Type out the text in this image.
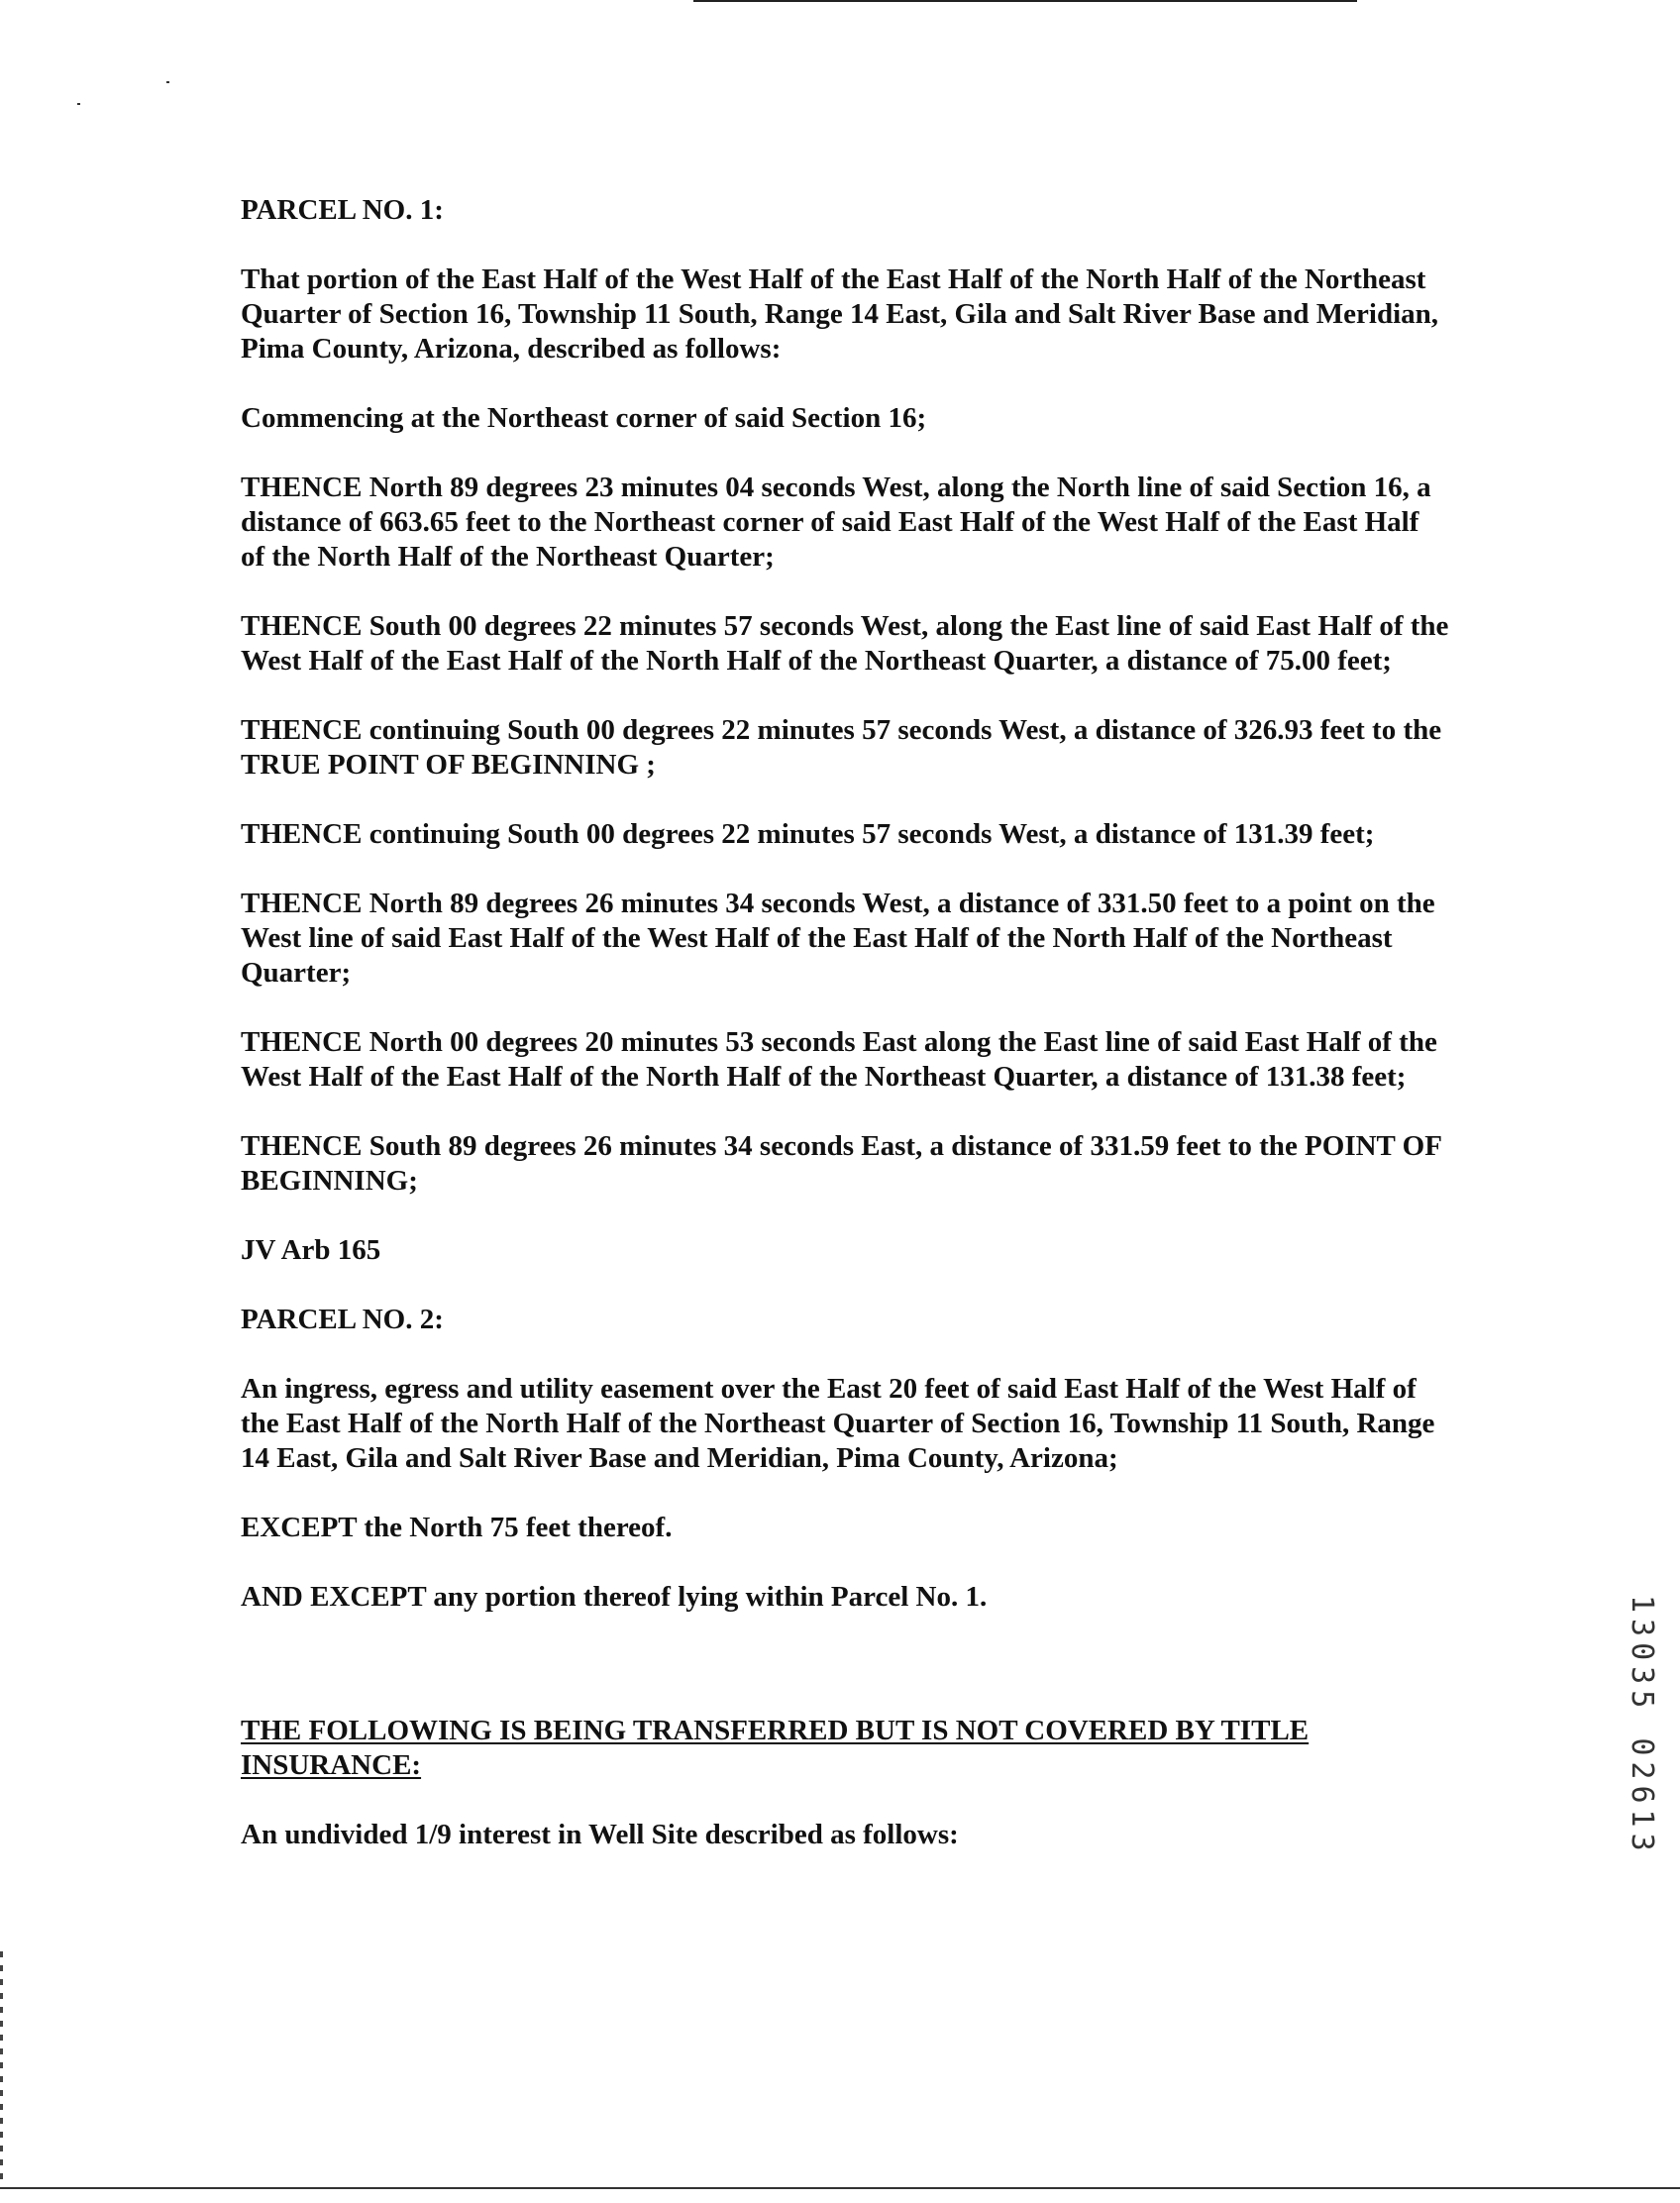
PARCEL NO. 1:

That portion of the East Half of the West Half of the East Half of the North Half of the Northeast Quarter of Section 16, Township 11 South, Range 14 East, Gila and Salt River Base and Meridian, Pima County, Arizona, described as follows:

Commencing at the Northeast corner of said Section 16;

THENCE North 89 degrees 23 minutes 04 seconds West, along the North line of said Section 16, a distance of 663.65 feet to the Northeast corner of said East Half of the West Half of the East Half of the North Half of the Northeast Quarter;

THENCE South 00 degrees 22 minutes 57 seconds West, along the East line of said East Half of the West Half of the East Half of the North Half of the Northeast Quarter, a distance of 75.00 feet;

THENCE continuing South 00 degrees 22 minutes 57 seconds West, a distance of 326.93 feet to the TRUE POINT OF BEGINNING ;

THENCE continuing South 00 degrees 22 minutes 57 seconds West, a distance of 131.39 feet;

THENCE North 89 degrees 26 minutes 34 seconds West, a distance of 331.50 feet to a point on the West line of said East Half of the West Half of the East Half of the North Half of the Northeast Quarter;

THENCE North 00 degrees 20 minutes 53 seconds East along the East line of said East Half of the West Half of the East Half of the North Half of the Northeast Quarter, a distance of 131.38 feet;

THENCE South 89 degrees 26 minutes 34 seconds East, a distance of 331.59 feet to the POINT OF BEGINNING;

JV Arb 165

PARCEL NO. 2:

An ingress, egress and utility easement over the East 20 feet of said East Half of the West Half of the East Half of the North Half of the Northeast Quarter of Section 16, Township 11 South, Range 14 East, Gila and Salt River Base and Meridian, Pima County, Arizona;

EXCEPT the North 75 feet thereof.

AND EXCEPT any portion thereof lying within Parcel No. 1.

THE FOLLOWING IS BEING TRANSFERRED BUT IS NOT COVERED BY TITLE INSURANCE:

An undivided 1/9 interest in Well Site described as follows:	13035 02613
